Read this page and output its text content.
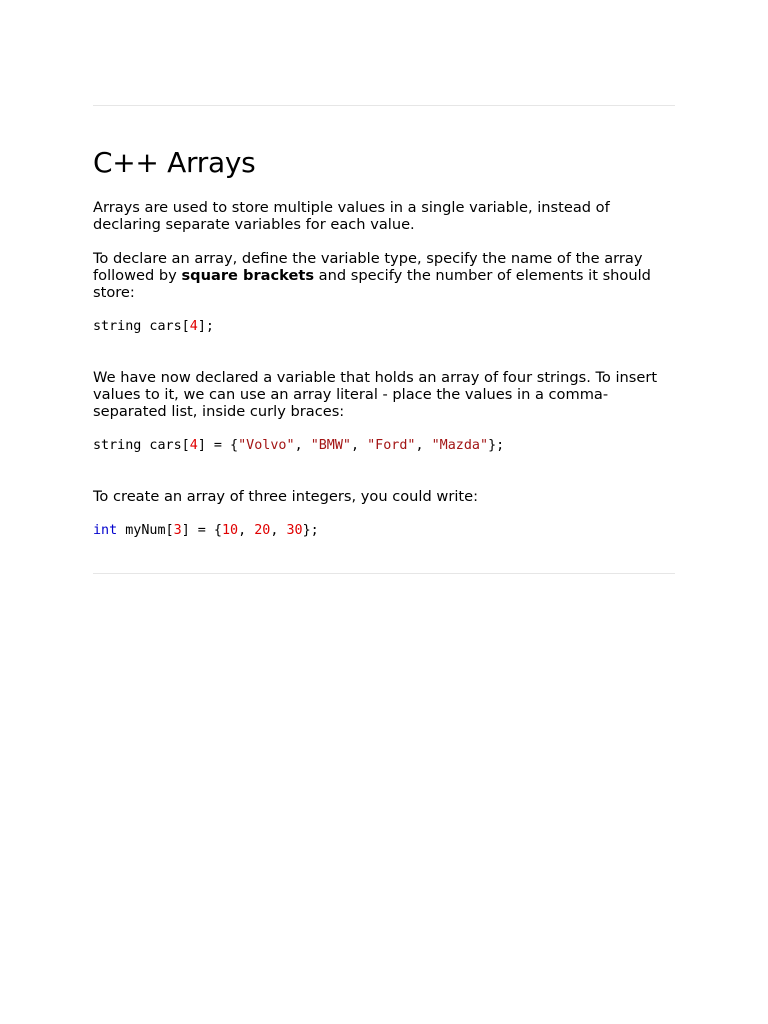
C++ Arrays

Arrays are used to store multiple values in a single variable, instead of declaring separate variables for each value.

To declare an array, define the variable type, specify the name of the array followed by square brackets and specify the number of elements it should store:

string cars[4];

We have now declared a variable that holds an array of four strings. To insert values to it, we can use an array literal - place the values in a comma-separated list, inside curly braces:

string cars[4] = {"Volvo", "BMW", "Ford", "Mazda"};

To create an array of three integers, you could write:

int myNum[3] = {10, 20, 30};
